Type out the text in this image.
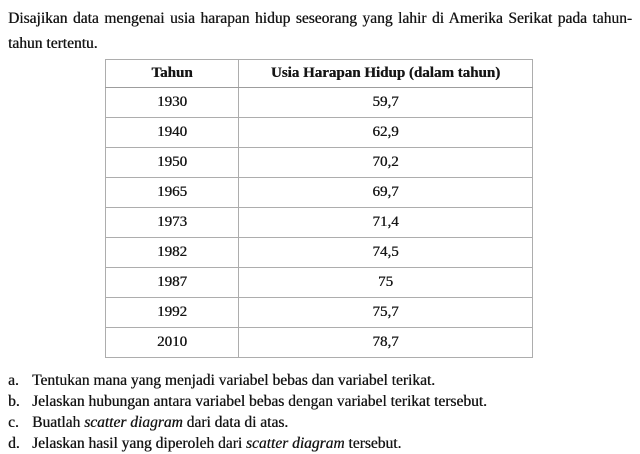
Disajikan data mengenai usia harapan hidup seseorang yang lahir di Amerika Serikat pada tahun-
tahun tertentu.

Tahun	Usia Harapan Hidup (dalam tahun)
1930	59,7
1940	62,9
1950	70,2
1965	69,7
1973	71,4
1982	74,5
1987	75
1992	75,7
2010	78,7
a. Tentukan mana yang menjadi variabel bebas dan variabel terikat.
b. Jelaskan hubungan antara variabel bebas dengan variabel terikat tersebut.
c. Buatlah scatter diagram dari data di atas.
d. Jelaskan hasil yang diperoleh dari scatter diagram tersebut.
